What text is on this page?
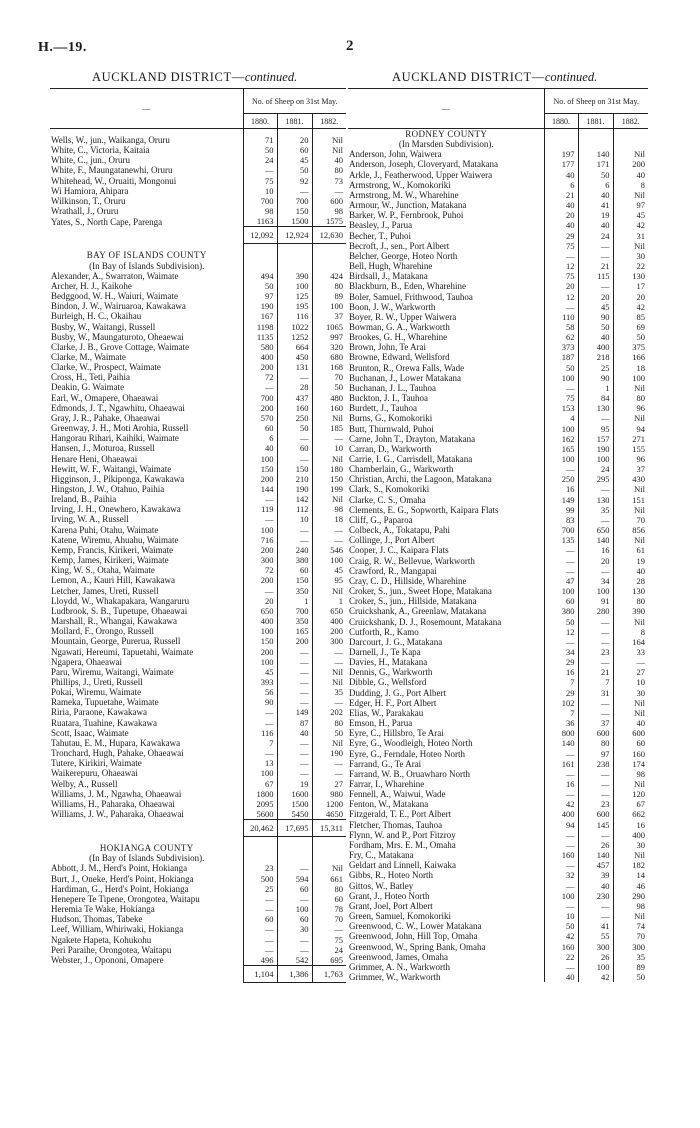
H.—19.	2
AUCKLAND DISTRICT—continued.	AUCKLAND DISTRICT—continued.
—	No. of Sheep on 31st May.		
	1880.	1881.	1882.

Wells, W., jun., Waikanga, Oruru	71	20	Nil
White, C., Victoria, Kaitaia	50	60	Nil
White, C., jun., Oruru	24	45	40
White, F., Maungatanewhi, Oruru	—	50	80
Whitehead, W., Oruaiti, Mongonui	75	92	73
Wi Hamiora, Ahipara	10	—	—
Wilkinson, T., Oruru	700	700	600
Wrathall, J., Oruru	98	150	98
Yates, S., North Cape, Parenga	1163	1500	1575
	12,092	12,924	12,630

BAY OF ISLANDS COUNTY			
(In Bay of Islands Subdivision).			
Alexander, A., Swarraton, Waimate	494	390	424
Archer, H. J., Kaikohe	50	100	80
Bedggood, W. H., Waiuri, Waimate	97	125	89
Bindon, J. W., Wairuaroa, Kawakawa	190	195	100
Burleigh, H. C., Okaihau	167	116	37
Busby, W., Waitangi, Russell	1198	1022	1065
Busby, W., Maungaturoto, Oheaewai	1135	1252	997
Clarke, J. B., Grove Cottage, Waimate	580	664	320
Clarke, M., Waimate	400	450	680
Clarke, W., Prospect, Waimate	200	131	168
Cross, H., Teti, Paihia	72	—	70
Deakin, G. Waimate	—	28	50
Earl, W., Omapere, Ohaeawai	700	437	480
Edmonds, J. T., Ngawhitu, Ohaeawai	200	160	160
Gray, J. R., Pahake, Ohaeawai	570	250	Nil
Greenway, J. H., Moti Arohia, Russell	60	50	185
Hangorau Rihari, Kaihiki, Waimate	6	—	—
Hansen, J., Moturoa, Russell	40	60	10
Henare Heni, Ohaeawai	100	—	Nil
Hewitt, W. F., Waitangi, Waimate	150	150	180
Higginson, J., Pikiponga, Kawakawa	200	210	150
Hingston, J. W., Otahuo, Paihia	144	190	199
Ireland, B., Paihia	—	142	Nil
Irving, J. H., Onewhero, Kawakawa	119	112	98
Irving, W. A., Russell	—	10	18
Karena Puhi, Otahu, Waimate	100	—	—
Katene, Wiremu, Ahuahu, Waimate	716	—	—
Kemp, Francis, Kirikeri, Waimate	200	240	546
Kemp, James, Kirikeri, Waimate	300	380	100
King, W. S., Otaha, Waimate	72	60	45
Lemon, A., Kauri Hill, Kawakawa	200	150	95
Letcher, James, Ureti, Russell	—	350	Nil
Lloydd, W., Whakapakara, Wangaruru	20	1	1
Ludbrook, S. B., Tupetupe, Ohaeawai	650	700	650
Marshall, R., Whangai, Kawakawa	400	350	400
Mollard, F., Orongo, Russell	100	165	200
Mountain, George, Purerua, Russell	150	200	300
Ngawati, Hereumi, Tapuetahi, Waimate	200	—	—
Ngapera, Ohaeawai	100	—	—
Paru, Wiremu, Waitangi, Waimate	45	—	Nil
Phillips, J., Ureti, Russell	393	—	Nil
Pokai, Wiremu, Waimate	56	—	35
Rameka, Tupuetahe, Waimate	90	—	—
Riria, Paraone, Kawakawa	—	149	202
Ruatara, Tuahine, Kawakawa	—	87	80
Scott, Isaac, Waimate	116	40	50
Tahutau, E. M., Hupara, Kawakawa	7	—	Nil
Tronchard, Hugh, Pahake, Ohaeawai	—	—	190
Tutere, Kirikiri, Waimate	13	—	—
Waikerepuru, Ohaeawai	100	—	—
Welby, A., Russell	67	19	27
Williams, J. M., Ngawha, Ohaeawai	1800	1600	980
Williams, H., Paharaka, Ohaeawai	2095	1500	1200
Williams, J. W., Paharaka, Ohaeawai	5600	5450	4650
	20,462	17,695	15,311

HOKIANGA COUNTY			
(In Bay of Islands Subdivision).			
Abbott, J. M., Herd's Point, Hokianga	23	—	Nil
Burt, J., Oneke, Herd's Point, Hokianga	500	594	661
Hardiman, G., Herd's Point, Hokianga	25	60	80
Henepere Te Tipene, Orongotea, Waitapu	—	—	60
Heremia Te Wake, Hokianga	—	100	78
Hudson, Thomas, Tabeke	60	60	70
Leef, William, Whiriwaki, Hokianga	—	30	—
Ngakete Hapeta, Kohukohu	—	—	75
Peri Paraihe, Orongotea, Waitapu	—	—	24
Webster, J., Opononi, Omapere	496	542	695
	1,104	1,386	1,763
—	No. of Sheep on 31st May.		
	1880.	1881.	1882.
RODNEY COUNTY			
(In Marsden Subdivision).			
Anderson, John, Waiwera	197	140	Nil
Anderson, Joseph, Cloveryard, Matakana	177	171	200
Arkle, J., Featherwood, Upper Waiwera	40	50	40
Armstrong, W., Komokoriki	6	6	8
Armstrong, M. W., Wharehine	21	40	Nil
Armour, W., Junction, Matakana	40	41	97
Barker, W. P., Fernbrook, Puhoi	20	19	45
Beasley, J., Parua	40	40	42
Becher, T., Puhoi	29	24	31
Becroft, J., sen., Port Albert	75	—	Nil
Belcher, George, Hoteo North	—	—	30
Bell, Hugh, Wharehine	12	21	22
Birdsall, J., Matakana	75	115	130
Blackburn, B., Eden, Wharehine	20	—	17
Boler, Samuel, Frithwood, Tauhoa	12	20	20
Boon, J. W., Warkworth	—	45	42
Boyer, R. W., Upper Waiwera	110	90	85
Bowman, G. A., Warkworth	58	50	69
Brookes, G. H., Wharehine	62	40	50
Brown, John, Te Arai	373	400	375
Browne, Edward, Wellsford	187	218	166
Brunton, R., Orewa Falls, Wade	50	25	18
Buchanan, J., Lower Matakana	100	90	100
Buchanan, J. L., Tauhoa	—	1	Nil
Buckton, J. I., Tauhoa	75	84	80
Burdett, J., Tauhoa	153	130	96
Burns, G., Komokoriki	4	—	Nil
Butt, Thurnwald, Puhoi	100	95	94
Carne, John T., Drayton, Matakana	162	157	271
Carran, D., Warkworth	165	190	155
Carrie, I. G., Carrisdell, Matakana	100	100	96
Chamberlain, G., Warkworth	—	24	37
Christian, Archi, the Lagoon, Matakana	250	295	430
Clark, S., Komokoriki	16	—	Nil
Clarke, C. S., Omaha	149	130	151
Clements, E. G., Sopworth, Kaipara Flats	99	35	Nil
Cliff, G., Paparoa	83	—	70
Colbeck, A., Tokatapu, Pahi	700	650	856
Collinge, J., Port Albert	135	140	Nil
Cooper, J. C., Kaipara Flats	—	16	61
Craig, R. W., Bellevue, Warkworth	—	20	19
Crawford, R., Mangapai	—	—	40
Cray, C. D., Hillside, Wharehine	47	34	28
Croker, S., jun., Sweet Hope, Matakana	100	100	130
Croker, S., jun., Hillside, Matakana	60	91	80
Cruickshank, A., Greenlaw, Matakana	380	280	390
Cruickshank, D. J., Rosemount, Matakana	50	—	Nil
Cutforth, R., Kamo	12	—	8
Darcourt, J. G., Matakana	—	—	164
Darnell, J., Te Kapa	34	23	33
Davies, H., Matakana	29	—	—
Dennis, G., Warkworth	16	21	27
Dibble, G., Wellsford	7	7	10
Dudding, J. G., Port Albert	29	31	30
Edger, H. F., Port Albert	102	—	Nil
Elias, W., Parakakau	7	—	Nil
Emson, H., Parua	36	37	40
Eyre, C., Hillsbro, Te Arai	800	600	600
Eyre, G., Woodleigh, Hoteo North	140	80	60
Eyre, G., Ferndale, Hoteo North	—	97	160
Farrand, G., Te Arai	161	238	174
Farrand, W. B., Oruawharo North	—	—	98
Farrar, I., Wharehine	16	—	Nil
Fennell, A., Waiwui, Wade	—	—	120
Fenton, W., Matakana	42	23	67
Fitzgerald, T. E., Port Albert	400	600	662
Fletcher, Thomas, Tauhoa	94	145	16
Flynn, W. and P., Port Fitzroy	—	—	400
Fordham, Mrs. E. M., Omaha	—	26	30
Fry, C., Matakana	160	140	Nil
Geldart and Linnell, Kaiwaka	—	457	182
Gibbs, R., Hoteo North	32	39	14
Gittos, W., Batley	—	40	46
Grant, J., Hoteo North	100	230	290
Grant, Joel, Port Albert	—	—	98
Green, Samuel, Komokoriki	10	—	Nil
Greenwood, C. W., Lower Matakana	50	41	74
Greenwood, John, Hill Top, Omaha	42	55	70
Greenwood, W., Spring Bank, Omaha	160	300	300
Greenwood, James, Omaha	22	26	35
Grimmer, A. N., Warkworth	—	100	89
Grimmer, W., Warkworth	40	42	50
